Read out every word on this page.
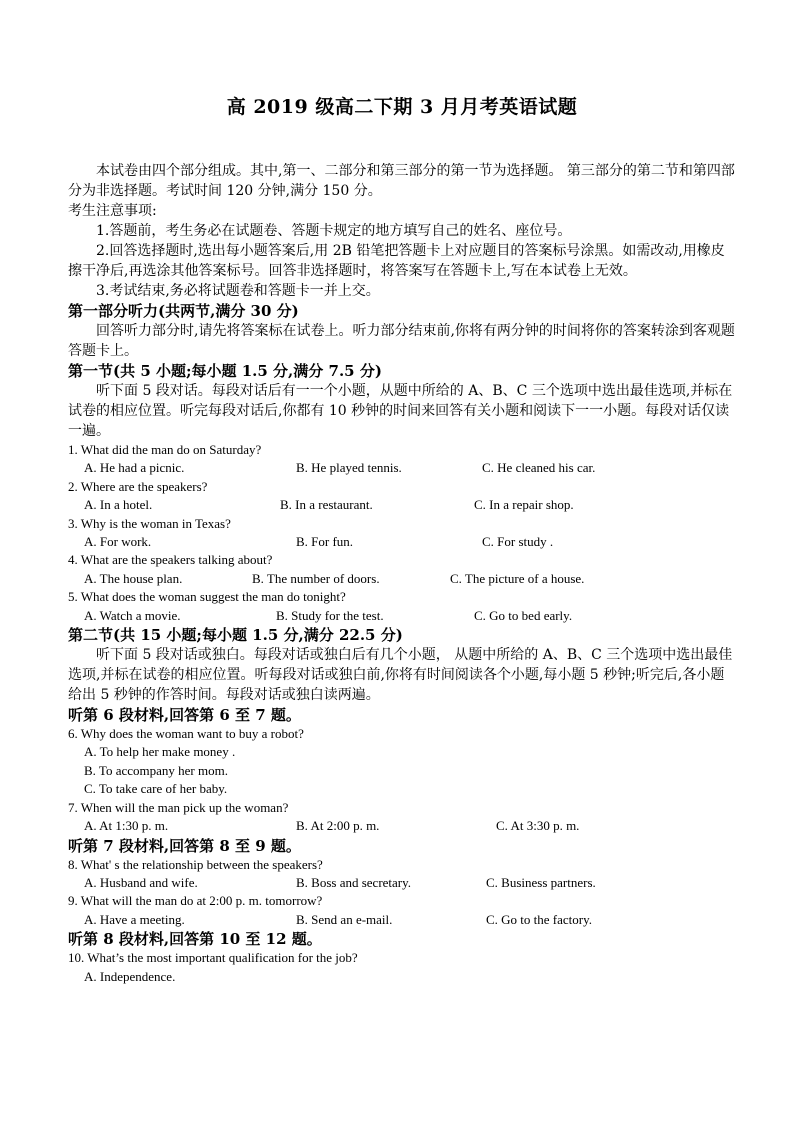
高 2019 级高二下期 3 月月考英语试题

本试卷由四个部分组成。其中,第一、二部分和第三部分的第一节为选择题。 第三部分的第二节和第四部分为非选择题。考试时间 120 分钟,满分 150 分。

考生注意事项:

1.答题前，考生务必在试题卷、答题卡规定的地方填写自己的姓名、座位号。

2.回答选择题时,选出每小题答案后,用 2B 铅笔把答题卡上对应题目的答案标号涂黑。如需改动,用橡皮擦干净后,再选涂其他答案标号。回答非选择题时，将答案写在答题卡上,写在本试卷上无效。

3.考试结束,务必将试题卷和答题卡一并上交。

第一部分听力(共两节,满分 30 分)

回答听力部分时,请先将答案标在试卷上。听力部分结束前,你将有两分钟的时间将你的答案转涂到客观题答题卡上。

第一节(共 5 小题;每小题 1.5 分,满分 7.5 分)

听下面 5 段对话。每段对话后有一一个小题，从题中所给的 A、B、C 三个选项中选出最佳选项,并标在试卷的相应位置。听完每段对话后,你都有 10 秒钟的时间来回答有关小题和阅读下一一小题。每段对话仅读一遍。

1. What did the man do on Saturday?

A. He had a picnic.	B. He played tennis.	C. He cleaned his car.

2. Where are the speakers?

A. In a hotel.	B. In a restaurant.	C. In a repair shop.

3. Why is the woman in Texas?

A. For work.	B. For fun.	C. For study .

4. What are the speakers talking about?

A. The house plan.	B. The number of doors.	C. The picture of a house.

5. What does the woman suggest the man do tonight?

A. Watch a movie.	B. Study for the test.	C. Go to bed early.

第二节(共 15 小题;每小题 1.5 分,满分 22.5 分)

听下面 5 段对话或独白。每段对话或独白后有几个小题， 从题中所给的 A、B、C 三个选项中选出最佳选项,并标在试卷的相应位置。听每段对话或独白前,你将有时间阅读各个小题,每小题 5 秒钟;听完后,各小题给出 5 秒钟的作答时间。每段对话或独白读两遍。

听第 6 段材料,回答第 6 至 7 题。

6. Why does the woman want to buy a robot?

A. To help her make money .

B. To accompany her mom.

C. To take care of her baby.

7. When will the man pick up the woman?

A. At 1:30 p. m.	B. At 2:00 p. m.	C. At 3:30 p. m.

听第 7 段材料,回答第 8 至 9 题。

8. What' s the relationship between the speakers?

A. Husband and wife.	B. Boss and secretary.	C. Business partners.

9. What will the man do at 2:00 p. m. tomorrow?

A. Have a meeting.	B. Send an e-mail.	C. Go to the factory.

听第 8 段材料,回答第 10 至 12 题。

10. What’s the most important qualification for the job?

A. Independence.
